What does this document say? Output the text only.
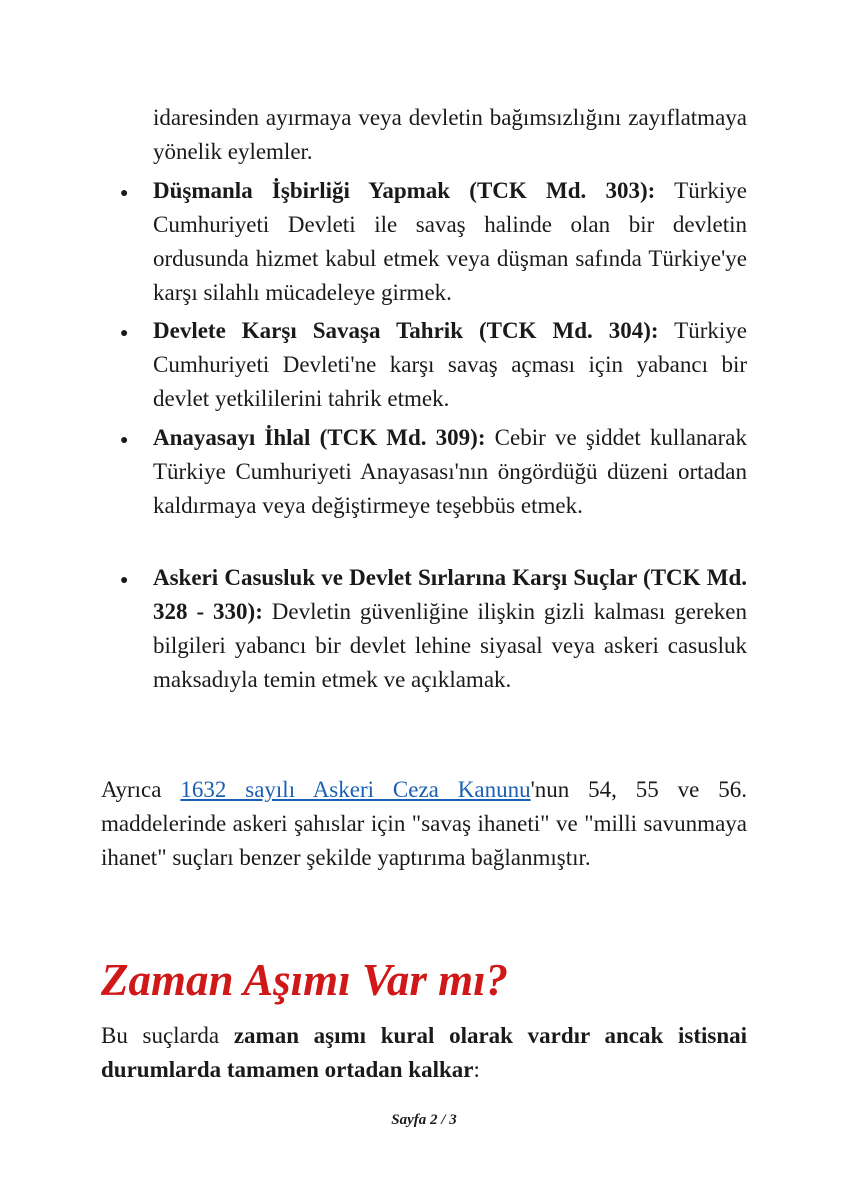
idaresinden ayırmaya veya devletin bağımsızlığını zayıflatmaya yönelik eylemler.

● Düşmanla İşbirliği Yapmak (TCK Md. 303): Türkiye Cumhuriyeti Devleti ile savaş halinde olan bir devletin ordusunda hizmet kabul etmek veya düşman safında Türkiye'ye karşı silahlı mücadeleye girmek.

● Devlete Karşı Savaşa Tahrik (TCK Md. 304): Türkiye Cumhuriyeti Devleti'ne karşı savaş açması için yabancı bir devlet yetkililerini tahrik etmek.

● Anayasayı İhlal (TCK Md. 309): Cebir ve şiddet kullanarak Türkiye Cumhuriyeti Anayasası'nın öngördüğü düzeni ortadan kaldırmaya veya değiştirmeye teşebbüs etmek.

● Askeri Casusluk ve Devlet Sırlarına Karşı Suçlar (TCK Md. 328 - 330): Devletin güvenliğine ilişkin gizli kalması gereken bilgileri yabancı bir devlet lehine siyasal veya askeri casusluk maksadıyla temin etmek ve açıklamak.

Ayrıca 1632 sayılı Askeri Ceza Kanunu'nun 54, 55 ve 56. maddelerinde askeri şahıslar için "savaş ihaneti" ve "milli savunmaya ihanet" suçları benzer şekilde yaptırıma bağlanmıştır.

Zaman Aşımı Var mı?

Bu suçlarda zaman aşımı kural olarak vardır ancak istisnai durumlarda tamamen ortadan kalkar:

Sayfa 2 / 3
